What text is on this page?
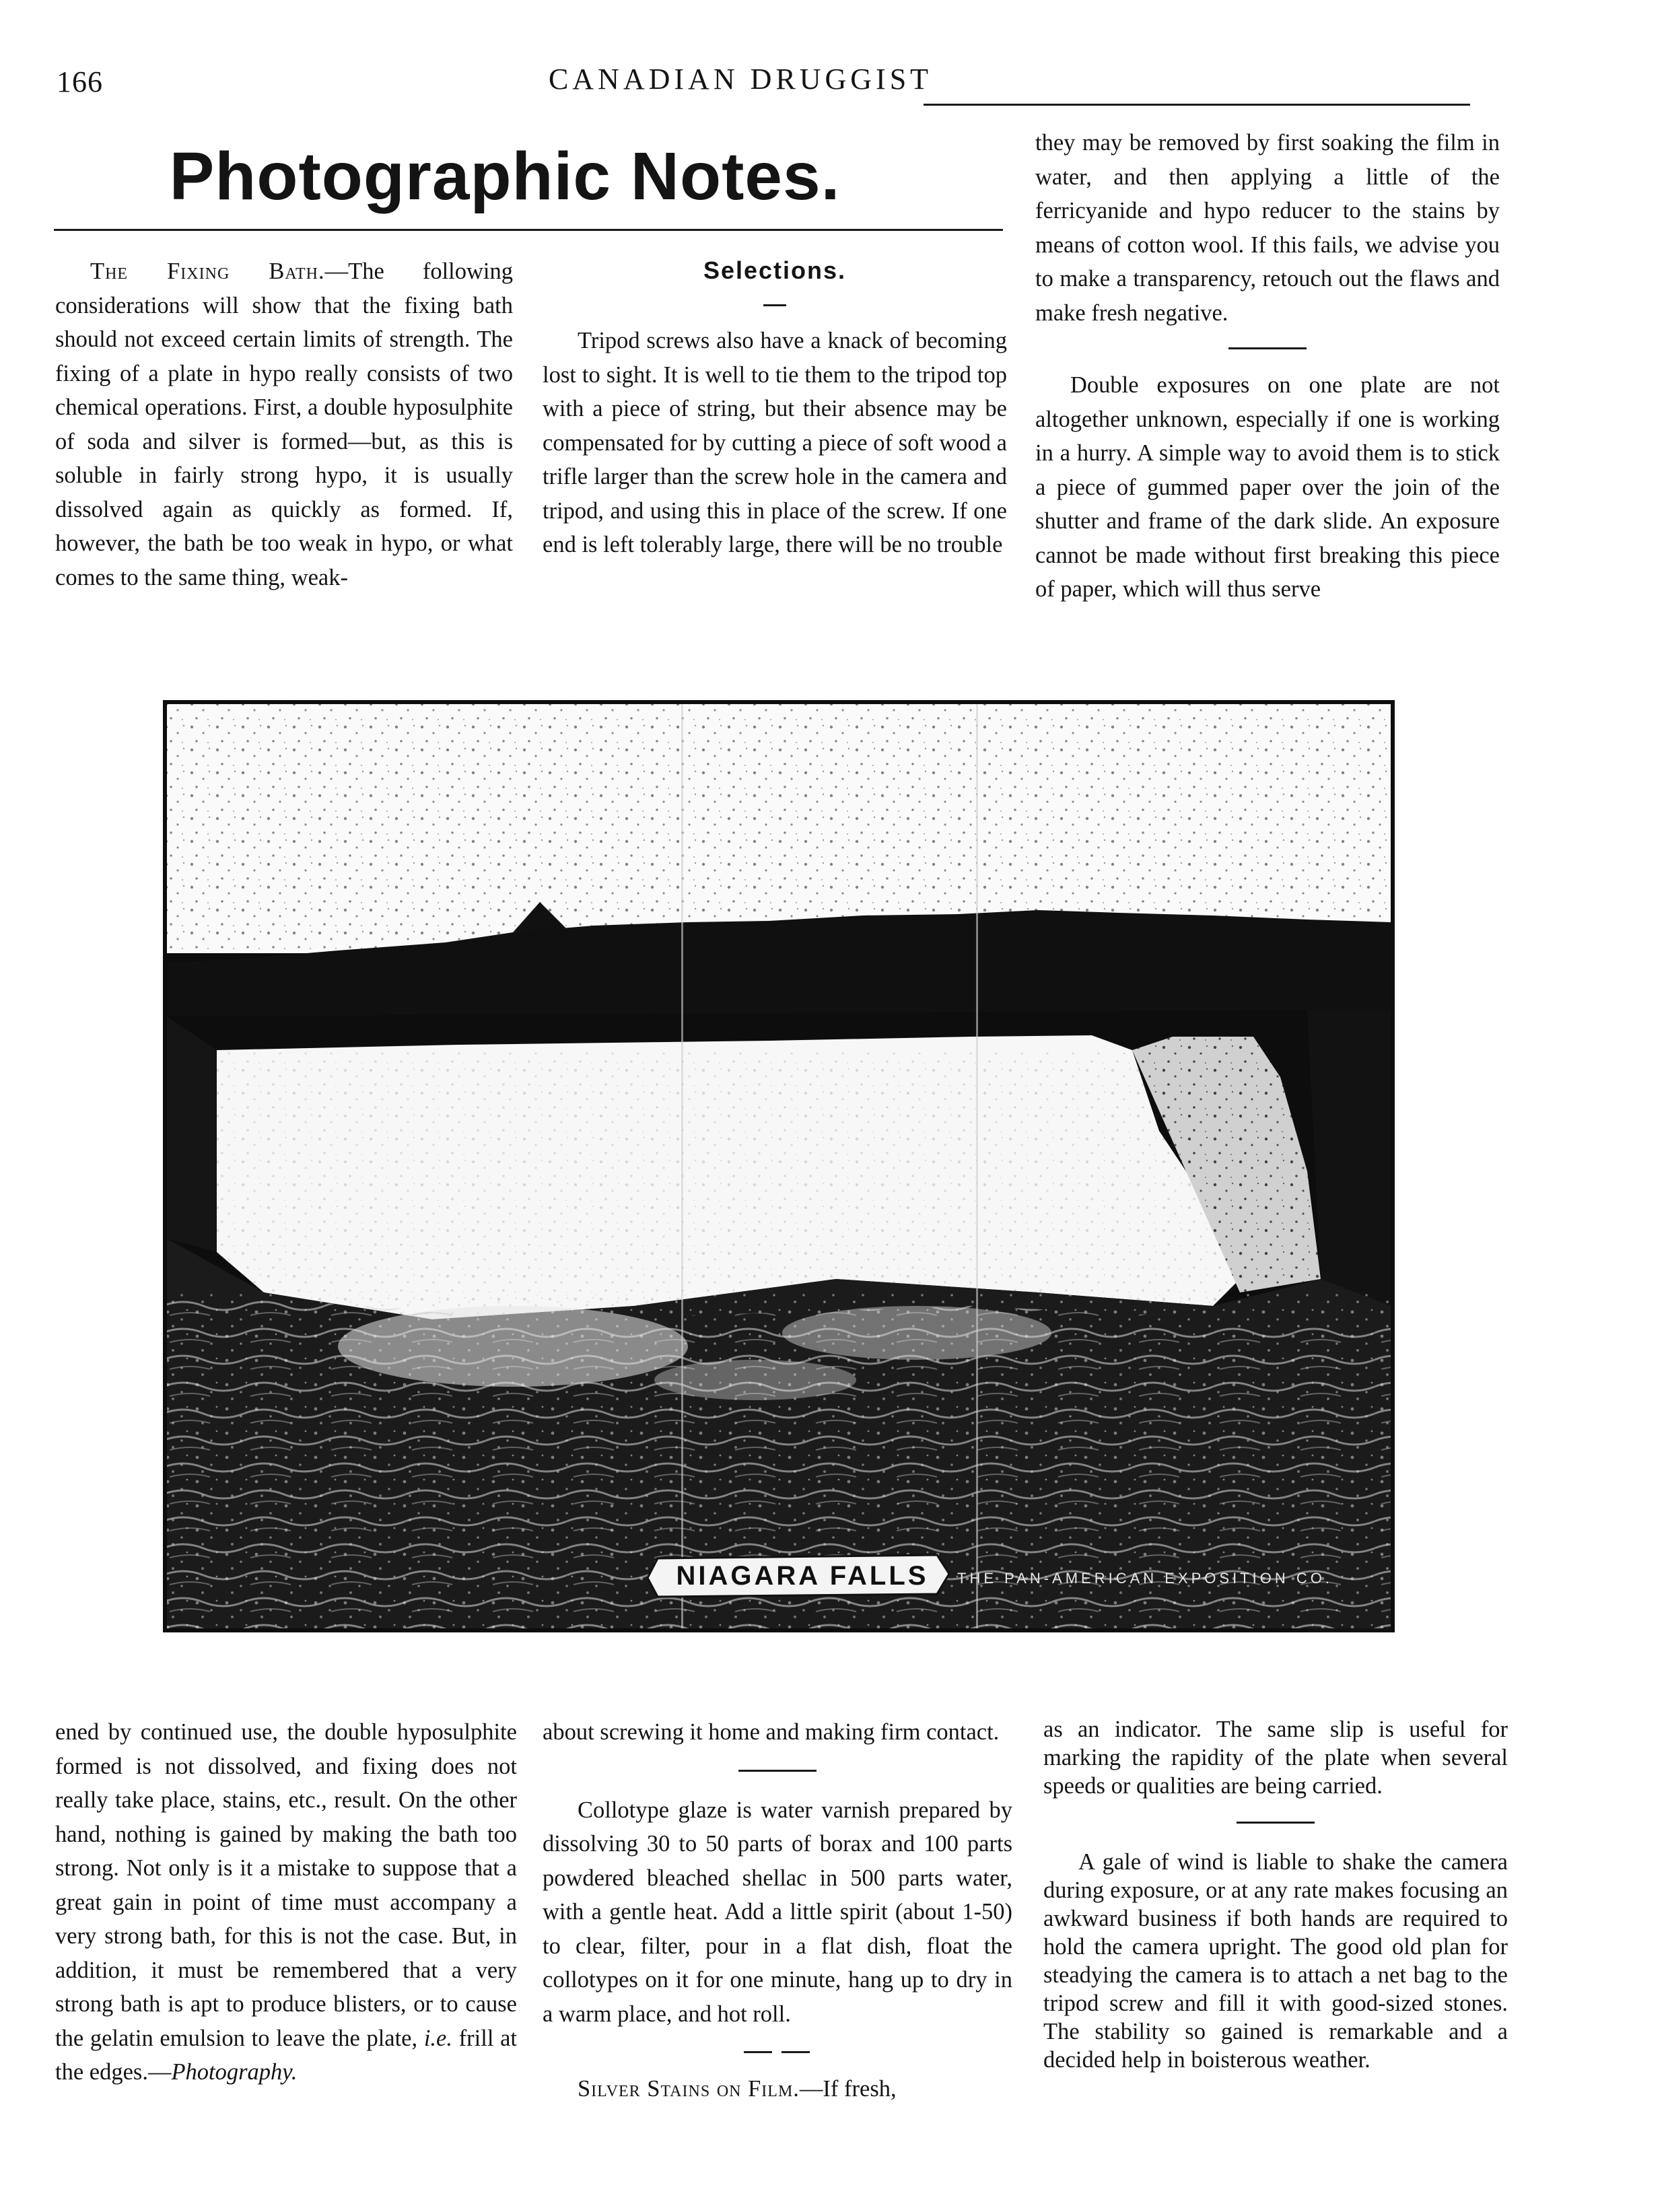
166	CANADIAN DRUGGIST
Photographic Notes.

The Fixing Bath.—The following considerations will show that the fixing bath should not exceed certain limits of strength. The fixing of a plate in hypo really consists of two chemical operations. First, a double hyposulphite of soda and silver is formed—but, as this is soluble in fairly strong hypo, it is usually dissolved again as quickly as formed. If, however, the bath be too weak in hypo, or what comes to the same thing, weak-

Selections.

Tripod screws also have a knack of becoming lost to sight. It is well to tie them to the tripod top with a piece of string, but their absence may be compensated for by cutting a piece of soft wood a trifle larger than the screw hole in the camera and tripod, and using this in place of the screw. If one end is left tolerably large, there will be no trouble

they may be removed by first soaking the film in water, and then applying a little of the ferricyanide and hypo reducer to the stains by means of cotton wool. If this fails, we advise you to make a transparency, retouch out the flaws and make fresh negative.

Double exposures on one plate are not altogether unknown, especially if one is working in a hurry. A simple way to avoid them is to stick a piece of gummed paper over the join of the shutter and frame of the dark slide. An exposure cannot be made without first breaking this piece of paper, which will thus serve

NIAGARA FALLS	THE PAN-AMERICAN EXPOSITION CO.

ened by continued use, the double hyposulphite formed is not dissolved, and fixing does not really take place, stains, etc., result. On the other hand, nothing is gained by making the bath too strong. Not only is it a mistake to suppose that a great gain in point of time must accompany a very strong bath, for this is not the case. But, in addition, it must be remembered that a very strong bath is apt to produce blisters, or to cause the gelatin emulsion to leave the plate, i.e. frill at the edges.—Photography.

about screwing it home and making firm contact.

Collotype glaze is water varnish prepared by dissolving 30 to 50 parts of borax and 100 parts powdered bleached shellac in 500 parts water, with a gentle heat. Add a little spirit (about 1-50) to clear, filter, pour in a flat dish, float the collotypes on it for one minute, hang up to dry in a warm place, and hot roll.

Silver Stains on Film.—If fresh,

as an indicator. The same slip is useful for marking the rapidity of the plate when several speeds or qualities are being carried.

A gale of wind is liable to shake the camera during exposure, or at any rate makes focusing an awkward business if both hands are required to hold the camera upright. The good old plan for steadying the camera is to attach a net bag to the tripod screw and fill it with good-sized stones. The stability so gained is remarkable and a decided help in boisterous weather.
